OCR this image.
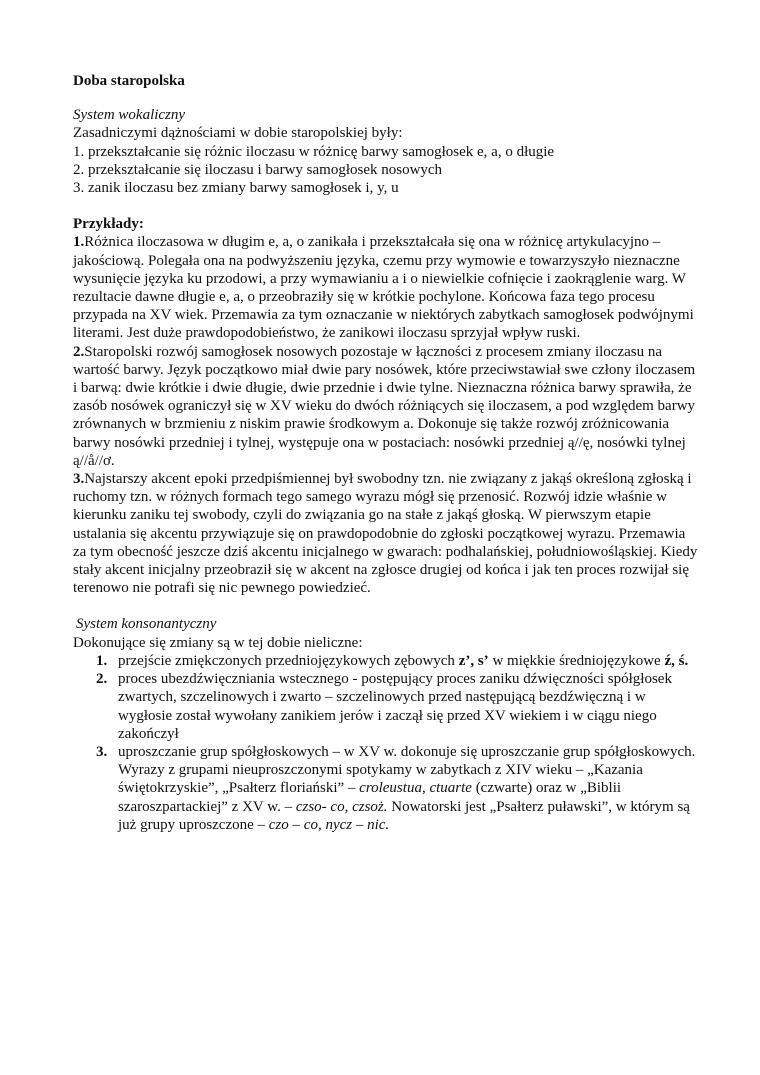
Doba staropolska

System wokaliczny

Zasadniczymi dążnościami w dobie staropolskiej były:

1. przekształcanie się różnic iloczasu w różnicę barwy samogłosek e, a, o długie

2. przekształcanie się iloczasu i barwy samogłosek nosowych

3. zanik iloczasu bez zmiany barwy samogłosek i, y, u

Przykłady:

1.Różnica iloczasowa w długim e, a, o zanikała i przekształcała się ona w różnicę artykulacyjno – jakościową. Polegała ona na podwyższeniu języka, czemu przy wymowie e towarzyszyło nieznaczne wysunięcie języka ku przodowi, a przy wymawianiu a i o niewielkie cofnięcie i zaokrąglenie warg. W rezultacie dawne długie e, a, o przeobraziły się w krótkie pochylone. Końcowa faza tego procesu przypada na XV wiek. Przemawia za tym oznaczanie w niektórych zabytkach samogłosek podwójnymi literami. Jest duże prawdopodobieństwo, że zanikowi iloczasu sprzyjał wpływ ruski.

2.Staropolski rozwój samogłosek nosowych pozostaje w łączności z procesem zmiany iloczasu na wartość barwy. Język początkowo miał dwie pary nosówek, które przeciwstawiał swe człony iloczasem i barwą: dwie krótkie i dwie długie, dwie przednie i dwie tylne. Nieznaczna różnica barwy sprawiła, że zasób nosówek ograniczył się w XV wieku do dwóch różniących się iloczasem, a pod względem barwy zrównanych w brzmieniu z niskim prawie środkowym a. Dokonuje się także rozwój zróżnicowania barwy nosówki przedniej i tylnej, występuje ona w postaciach: nosówki przedniej ą//ę, nosówki tylnej ą//å//ơ.

3.Najstarszy akcent epoki przedpiśmiennej był swobodny tzn. nie związany z jakąś określoną zgłoską i ruchomy tzn. w różnych formach tego samego wyrazu mógł się przenosić. Rozwój idzie właśnie w kierunku zaniku tej swobody, czyli do związania go na stałe z jakąś głoską. W pierwszym etapie ustalania się akcentu przywiązuje się on prawdopodobnie do zgłoski początkowej wyrazu. Przemawia za tym obecność jeszcze dziś akcentu inicjalnego w gwarach: podhalańskiej, południowośląskiej. Kiedy stały akcent inicjalny przeobraził się w akcent na zgłosce drugiej od końca i jak ten proces rozwijał się terenowo nie potrafi się nic pewnego powiedzieć.

System konsonantyczny

Dokonujące się zmiany są w tej dobie nieliczne:

1. przejście zmiękczonych przedniojęzykowych zębowych z’, s’ w miękkie średniojęzykowe ź, ś.
2. proces ubezdźwięczniania wstecznego - postępujący proces zaniku dźwięczności spółgłosek zwartych, szczelinowych i zwarto – szczelinowych przed następującą bezdźwięczną i w wygłosie został wywołany zanikiem jerów i zaczął się przed XV wiekiem i w ciągu niego zakończył
3. uproszczanie grup spółgłoskowych – w XV w. dokonuje się uproszczanie grup spółgłoskowych. Wyrazy z grupami nieuproszczonymi spotykamy w zabytkach z XIV wieku – „Kazania świętokrzyskie”, „Psałterz floriański” – croleustua, ctuarte (czwarte) oraz w „Biblii szaroszpartackiej” z XV w. – czso- co, czsoż. Nowatorski jest „Psałterz puławski”, w którym są już grupy uproszczone – czo – co, nycz – nic.
